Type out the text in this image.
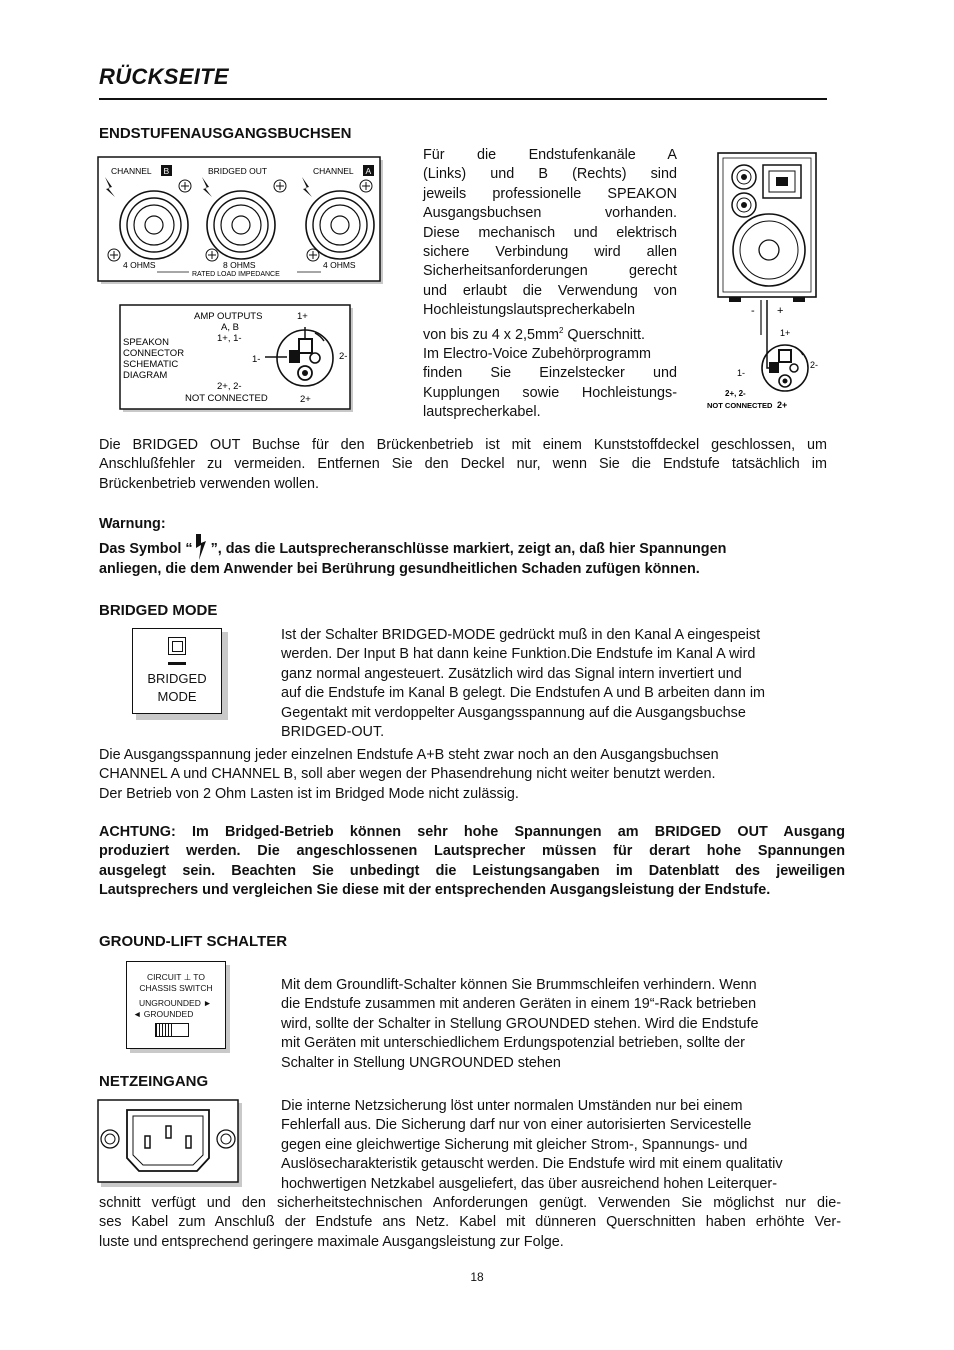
RÜCKSEITE
ENDSTUFENAUSGANGSBUCHSEN
CHANNEL B	BRIDGED OUT	CHANNEL A
4 OHMS	8 OHMS	4 OHMS
RATED LOAD IMPEDANCE
AMP OUTPUTS
A, B
1+, 1-
SPEAKON
CONNECTOR
SCHEMATIC
DIAGRAM
1+
1-	2-
2+
2+, 2-
NOT CONNECTED
- +
1+
1-
2-
2+, 2-
NOT CONNECTED 2+
Für die Endstufenkanäle A
(Links) und B (Rechts) sind
jeweils professionelle SPEAKON
Ausgangsbuchsen vorhanden.
Diese mechanisch und elektrisch
sichere Verbindung wird allen
Sicherheitsanforderungen gerecht
und erlaubt die Verwendung von
Hochleistungslautsprecherkabeln
von bis zu 4 x $2,5mm^2$ Querschnitt.
Im Electro-Voice Zubehörprogramm
finden Sie Einzelstecker und
Kupplungen sowie Hochleistungs-
lautsprecherkabel.
Die BRIDGED OUT Buchse für den Brückenbetrieb ist mit einem Kunststoffdeckel geschlossen, um
Anschlußfehler zu vermeiden. Entfernen Sie den Deckel nur, wenn Sie die Endstufe tatsächlich im
Brückenbetrieb verwenden wollen.
Warnung:
Das Symbol “ ”, das die Lautsprecheranschlüsse markiert, zeigt an, daß hier Spannungen
anliegen, die dem Anwender bei Berührung gesundheitlichen Schaden zufügen können.
BRIDGED MODE
BRIDGED
MODE
Ist der Schalter BRIDGED-MODE gedrückt muß in den Kanal A eingespeist
werden. Der Input B hat dann keine Funktion.Die Endstufe im Kanal A wird
ganz normal angesteuert. Zusätzlich wird das Signal intern invertiert und
auf die Endstufe im Kanal B gelegt. Die Endstufen A und B arbeiten dann im
Gegentakt mit verdoppelter Ausgangsspannung auf die Ausgangsbuchse
BRIDGED-OUT.
Die Ausgangsspannung jeder einzelnen Endstufe A+B steht zwar noch an den Ausgangsbuchsen
CHANNEL A und CHANNEL B, soll aber wegen der Phasendrehung nicht weiter benutzt werden.
Der Betrieb von 2 Ohm Lasten ist im Bridged Mode nicht zulässig.
ACHTUNG: Im Bridged-Betrieb können sehr hohe Spannungen am BRIDGED OUT Ausgang
produziert werden. Die angeschlossenen Lautsprecher müssen für derart hohe Spannungen
ausgelegt sein. Beachten Sie unbedingt die Leistungsangaben im Datenblatt des jeweiligen
Lautsprechers und vergleichen Sie diese mit der entsprechenden Ausgangsleistung der Endstufe.
GROUND-LIFT SCHALTER
CIRCUIT ⊥ TO
CHASSIS SWITCH
UNGROUNDED ►
◄ GROUNDED
Mit dem Groundlift-Schalter können Sie Brummschleifen verhindern. Wenn
die Endstufe zusammen mit anderen Geräten in einem 19“-Rack betrieben
wird, sollte der Schalter in Stellung GROUNDED stehen. Wird die Endstufe
mit Geräten mit unterschiedlichem Erdungspotenzial betrieben, sollte der
Schalter in Stellung UNGROUNDED stehen
NETZEINGANG
Die interne Netzsicherung löst unter normalen Umständen nur bei einem
Fehlerfall aus. Die Sicherung darf nur von einer autorisierten Servicestelle
gegen eine gleichwertige Sicherung mit gleicher Strom-, Spannungs- und
Auslösecharakteristik getauscht werden. Die Endstufe wird mit einem qualitativ
hochwertigen Netzkabel ausgeliefert, das über ausreichend hohen Leiterquer-
schnitt verfügt und den sicherheitstechnischen Anforderungen genügt. Verwenden Sie möglichst nur die-
ses Kabel zum Anschluß der Endstufe ans Netz. Kabel mit dünneren Querschnitten haben erhöhte Ver-
luste und entsprechend geringere maximale Ausgangsleistung zur Folge.
18
